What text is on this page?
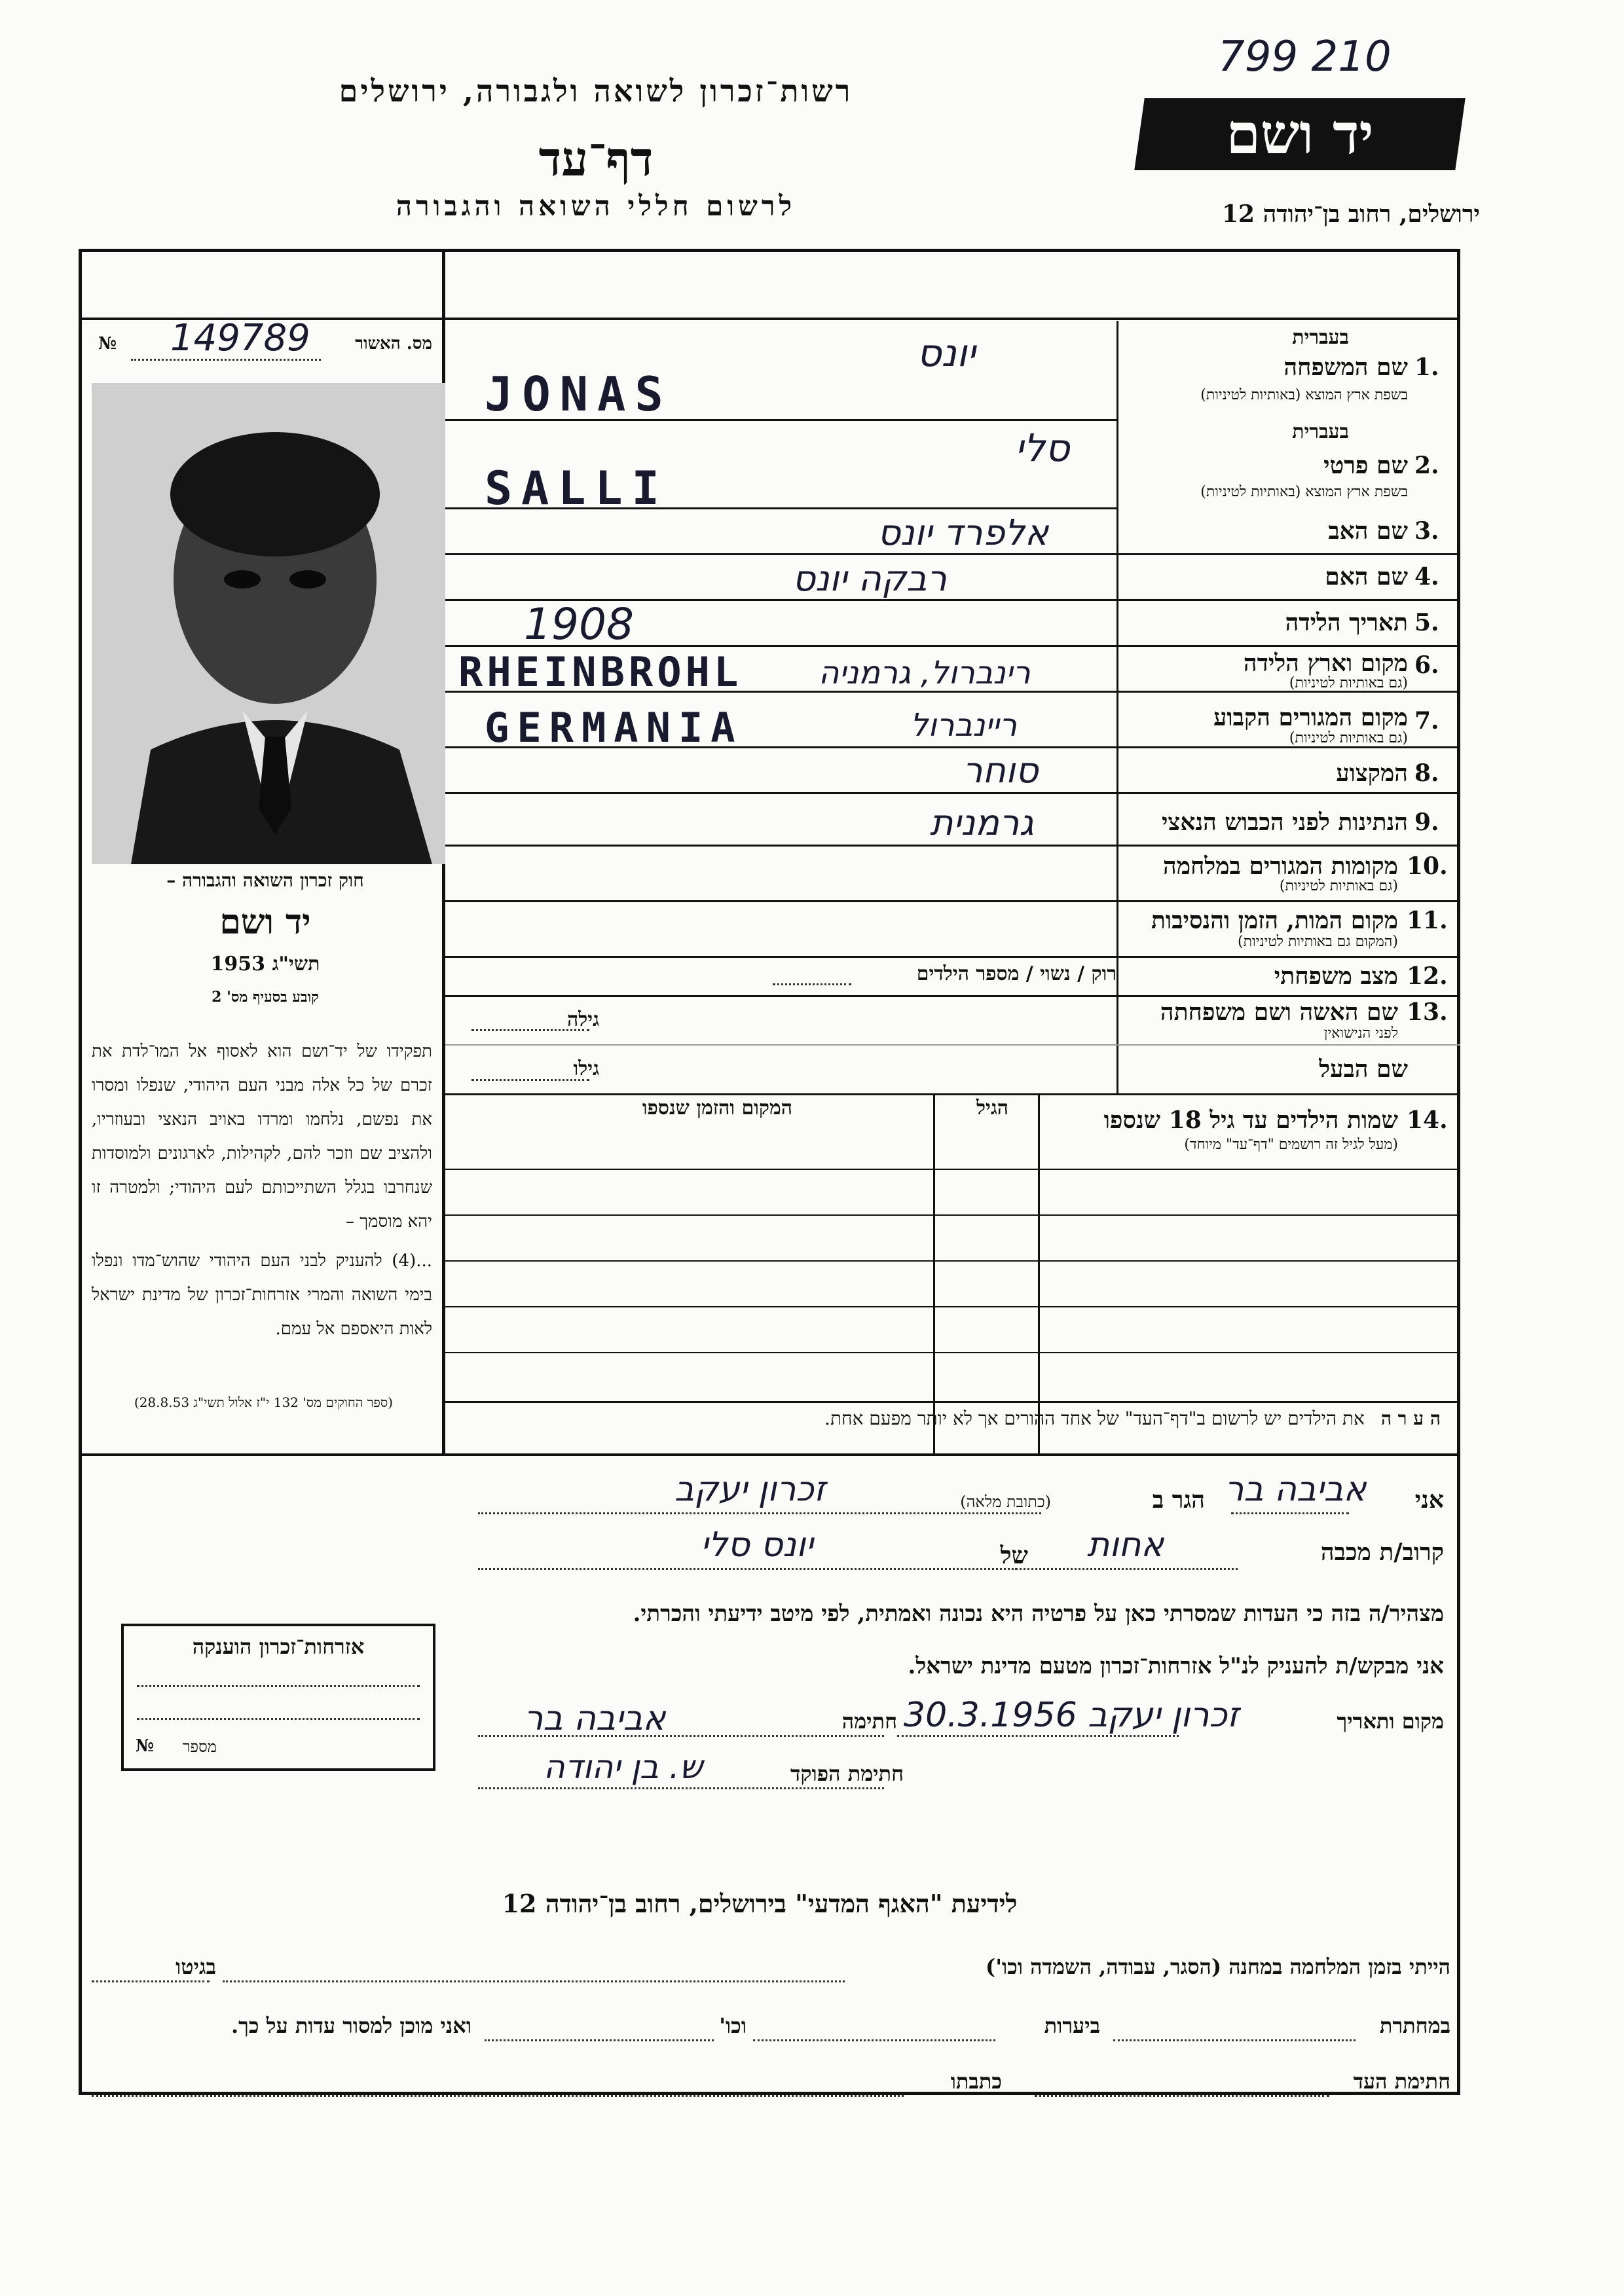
רשות־זכרון לשואה ולגבורה, ירושלים
דף־עד
לרשום חללי השואה והגבורה
799 210
יד ושם
ירושלים, רחוב בן־יהודה 12
מס. האשור
№ 149789
חוק זכרון השואה והגבורה –
יד ושם
תשי"ג 1953
קובע בסעיף מס' 2
תפקידו של יד־ושם הוא לאסוף אל המו־לדת את זכרם של כל אלה מבני העם היהודי, שנפלו ומסרו את נפשם, נלחמו ומרדו באויב הנאצי ובעוזריו, ולהציב שם וזכר להם, לקהילות, לארגונים ולמוסדות שנחרבו בגלל השתייכותם לעם היהודי; ולמטרה זו יהא מוסמך –
...(4) להעניק לבני העם היהודי שהוש־מדו ונפלו בימי השואה והמרי אזרחות־זכרון של מדינת ישראל לאות היאספם אל עמם.
(ספר החוקים מס' 132 י"ז אלול תשי"ג 28.8.53)
בעברית
1.
שם המשפחה
בשפת ארץ המוצא (באותיות לטיניות)
יונס
JONAS
בעברית
2.
שם פרטי
בשפת ארץ המוצא (באותיות לטיניות)
סלי
SALLI
3.
שם האב
אלפרד יונס
4.
שם האם
רבקה יונס
5.
תאריך הלידה
1908
6.
מקום וארץ הלידה
(גם באותיות לטיניות)
RHEINBROHL רינברול, גרמניה
7.
מקום המגורים הקבוע
(גם באותיות לטיניות)
GERMANIA	ריינברול
8.
המקצוע
סוחר
9.
הנתינות לפני הכבוש הנאצי
גרמנית
10.
מקומות המגורים במלחמה
(גם באותיות לטיניות)
11.
מקום המות, הזמן והנסיבות
(המקום גם באותיות לטיניות)
12.
מצב משפחתי
רוק / נשוי / מספר הילדים
13.
שם האשה ושם משפחתה
לפני הנישואין
גילה
שם הבעל
גילו
14.
שמות הילדים עד גיל 18 שנספו
(מעל לגיל זה רושמים "דף־עד" מיוחד)
הגיל
המקום והזמן שנספו
ה ע ר ה את הילדים יש לרשום ב"דף־העד" של אחד ההורים אך לא יותר מפעם אחת.
אני
אביבה בר
הגר ב
(כתובת מלאה)
זכרון יעקב
קרוב/ת מכבה
אחות
של
יונס סלי
מצהיר/ה בזה כי העדות שמסרתי כאן על פרטיה היא נכונה ואמתית, לפי מיטב ידיעתי והכרתי.
אני מבקש/ת להעניק לנ"ל אזרחות־זכרון מטעם מדינת ישראל.
מקום ותאריך
זכרון יעקב 30.3.1956
חתימה
אביבה בר
חתימת הפוקד
ש. בן יהודה
אזרחות־זכרון הוענקה
מספר
№
לידיעת "האגף המדעי" בירושלים, רחוב בן־יהודה 12
הייתי בזמן המלחמה במחנה (הסגר, עבודה, השמדה וכו')
בגיטו
במחתרת
ביערות
וכו'
ואני מוכן למסור עדות על כך.
חתימת העד
כתבתו
